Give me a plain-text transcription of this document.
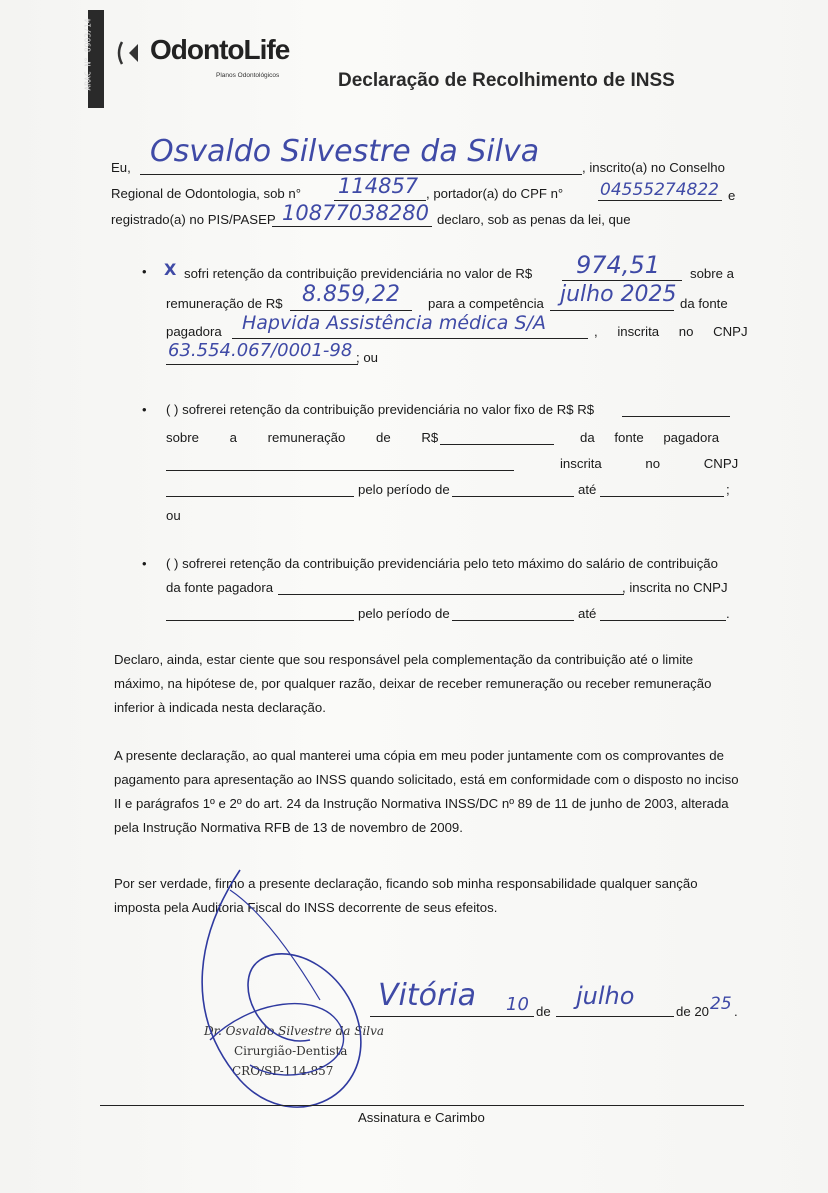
ARAC N° 8903/14 OdontoLife
Planos Odontológicos	Declaração de Recolhimento de INSS
Eu, Osvaldo Silvestre da Silva	, inscrito(a) no Conselho
Regional de Odontologia, sob n° 114857 , portador(a) do CPF n° 04555274822 e
registrado(a) no PIS/PASEP 10877038280 declaro, sob as penas da lei, que
• X sofri retenção da contribuição previdenciária no valor de R$ 974,51 sobre a
remuneração de R$ 8.859,22 para a competência julho 2025 da fonte
pagadora Hapvida Assistência médica S/A	, inscrita no CNPJ
63.554.067/0001-98 ; ou
• ( ) sofrerei retenção da contribuição previdenciária no valor fixo de R$ R$
sobre a remuneração de R$	da fonte pagadora
inscrita no CNPJ
pelo período de	até	;
ou
• ( ) sofrerei retenção da contribuição previdenciária pelo teto máximo do salário de contribuição
da fonte pagadora	, inscrita no CNPJ
pelo período de	até	.
Declaro, ainda, estar ciente que sou responsável pela complementação da contribuição até o limite
máximo, na hipótese de, por qualquer razão, deixar de receber remuneração ou receber remuneração
inferior à indicada nesta declaração.
A presente declaração, ao qual manterei uma cópia em meu poder juntamente com os comprovantes de
pagamento para apresentação ao INSS quando solicitado, está em conformidade com o disposto no inciso
II e parágrafos 1º e 2º do art. 24 da Instrução Normativa INSS/DC nº 89 de 11 de junho de 2003, alterada
pela Instrução Normativa RFB de 13 de novembro de 2009.
Por ser verdade, firmo a presente declaração, ficando sob minha responsabilidade qualquer sanção
imposta pela Auditoria Fiscal do INSS decorrente de seus efeitos.
Vitória 10 de
julho
de 20 25 .
Dr. Osvaldo Silvestre da Silva
Cirurgião-Dentista
CRO/SP-114.857
Assinatura e Carimbo
